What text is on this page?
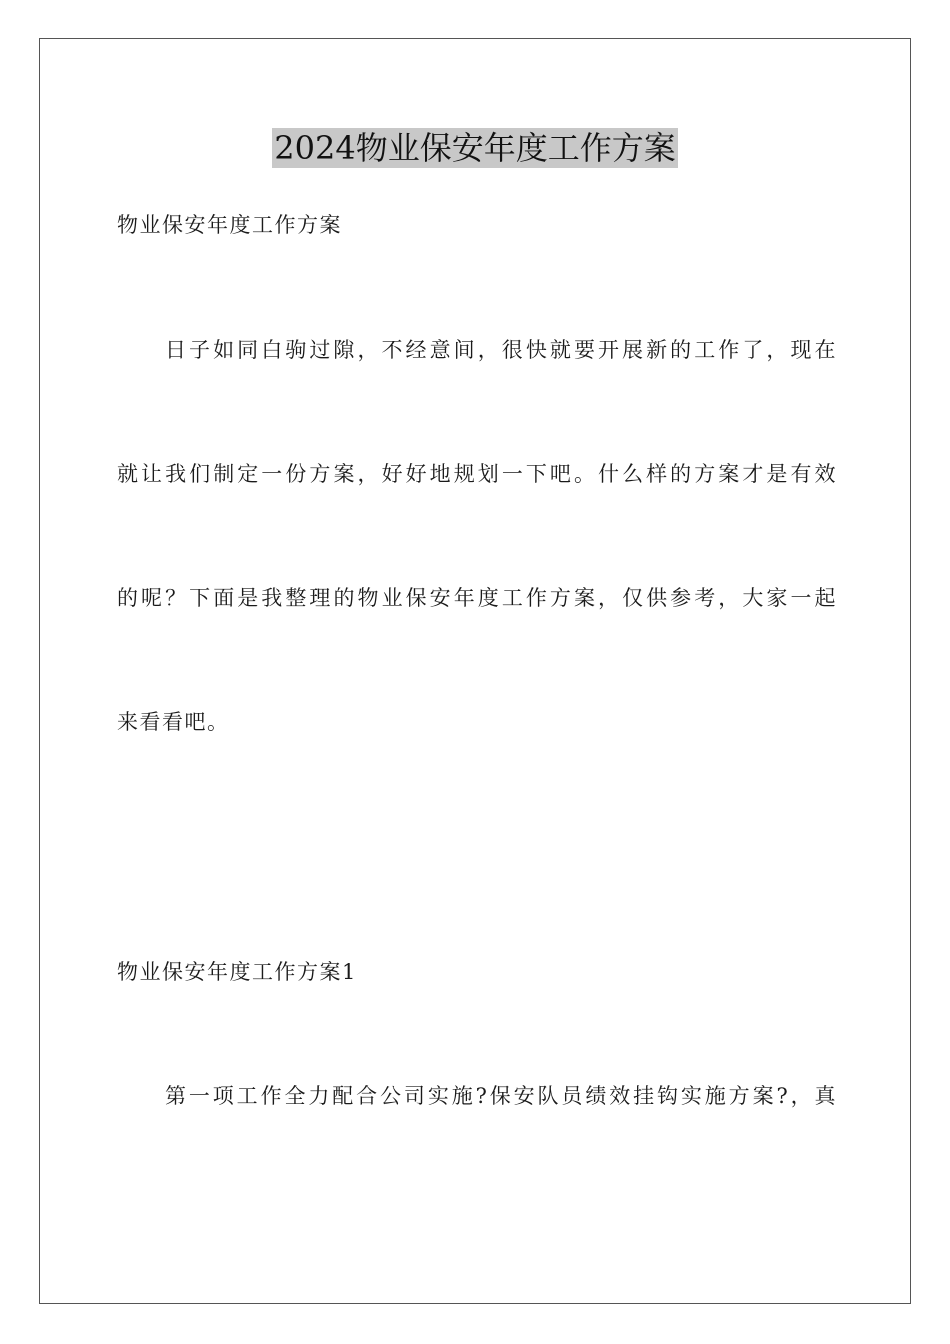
2024物业保安年度工作方案
物业保安年度工作方案
日子如同白驹过隙，不经意间，很快就要开展新的工作了，现在
就让我们制定一份方案，好好地规划一下吧。什么样的方案才是有效
的呢？下面是我整理的物业保安年度工作方案，仅供参考，大家一起
来看看吧。
物业保安年度工作方案1
第一项工作全力配合公司实施?保安队员绩效挂钩实施方案?，真
